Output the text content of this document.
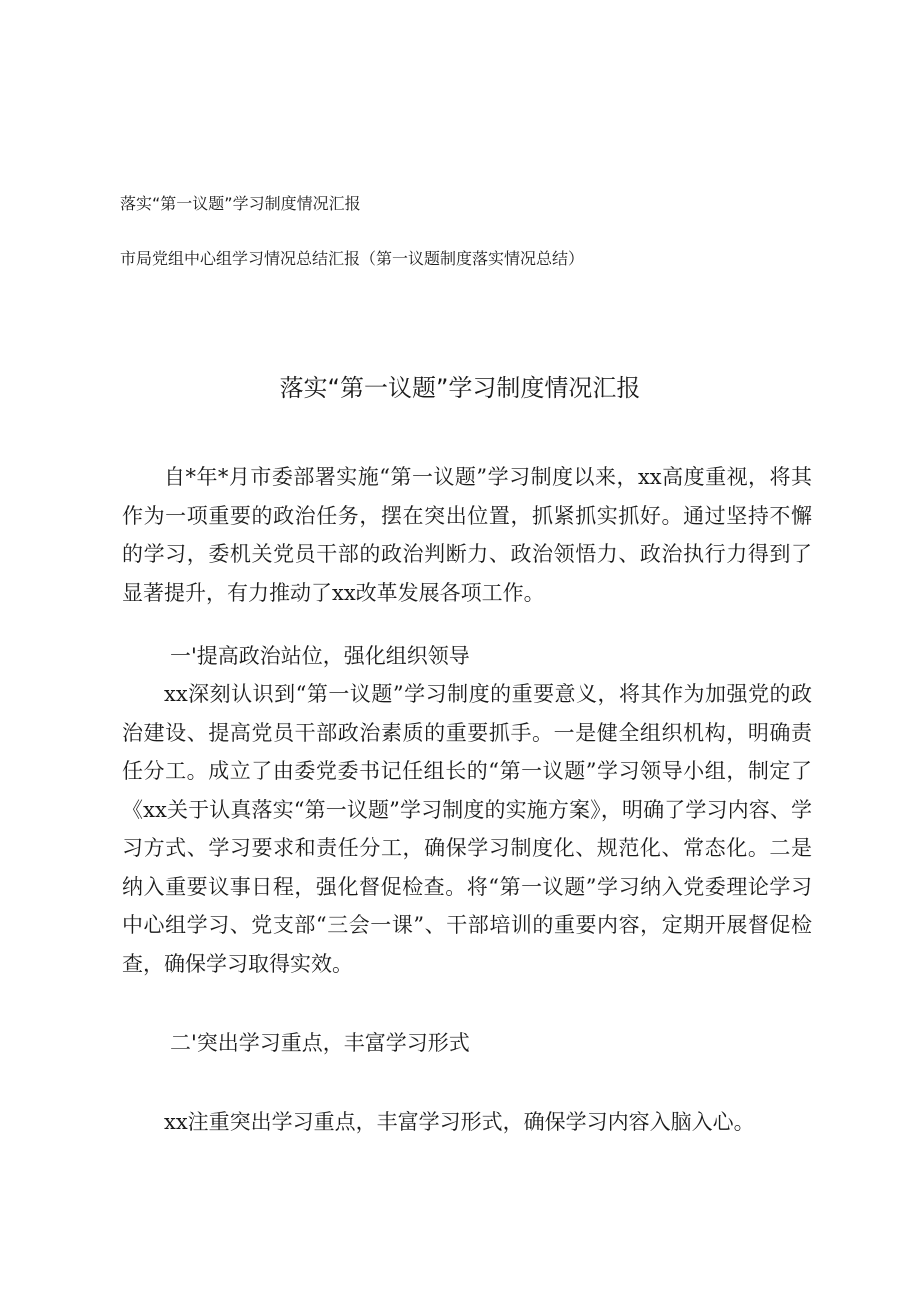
落实“第一议题”学习制度情况汇报
市局党组中心组学习情况总结汇报（第一议题制度落实情况总结）
落实“第一议题”学习制度情况汇报

自*年*月市委部署实施“第一议题”学习制度以来，xx高度重视，将其作为一项重要的政治任务，摆在突出位置，抓紧抓实抓好。通过坚持不懈的学习，委机关党员干部的政治判断力、政治领悟力、政治执行力得到了显著提升，有力推动了xx改革发展各项工作。

一'提高政治站位，强化组织领导

xx深刻认识到“第一议题”学习制度的重要意义，将其作为加强党的政治建设、提高党员干部政治素质的重要抓手。一是健全组织机构，明确责任分工。成立了由委党委书记任组长的“第一议题”学习领导小组，制定了《xx关于认真落实“第一议题”学习制度的实施方案》，明确了学习内容、学习方式、学习要求和责任分工，确保学习制度化、规范化、常态化。二是纳入重要议事日程，强化督促检查。将“第一议题”学习纳入党委理论学习中心组学习、党支部“三会一课”、干部培训的重要内容，定期开展督促检查，确保学习取得实效。

二'突出学习重点，丰富学习形式

xx注重突出学习重点，丰富学习形式，确保学习内容入脑入心。
